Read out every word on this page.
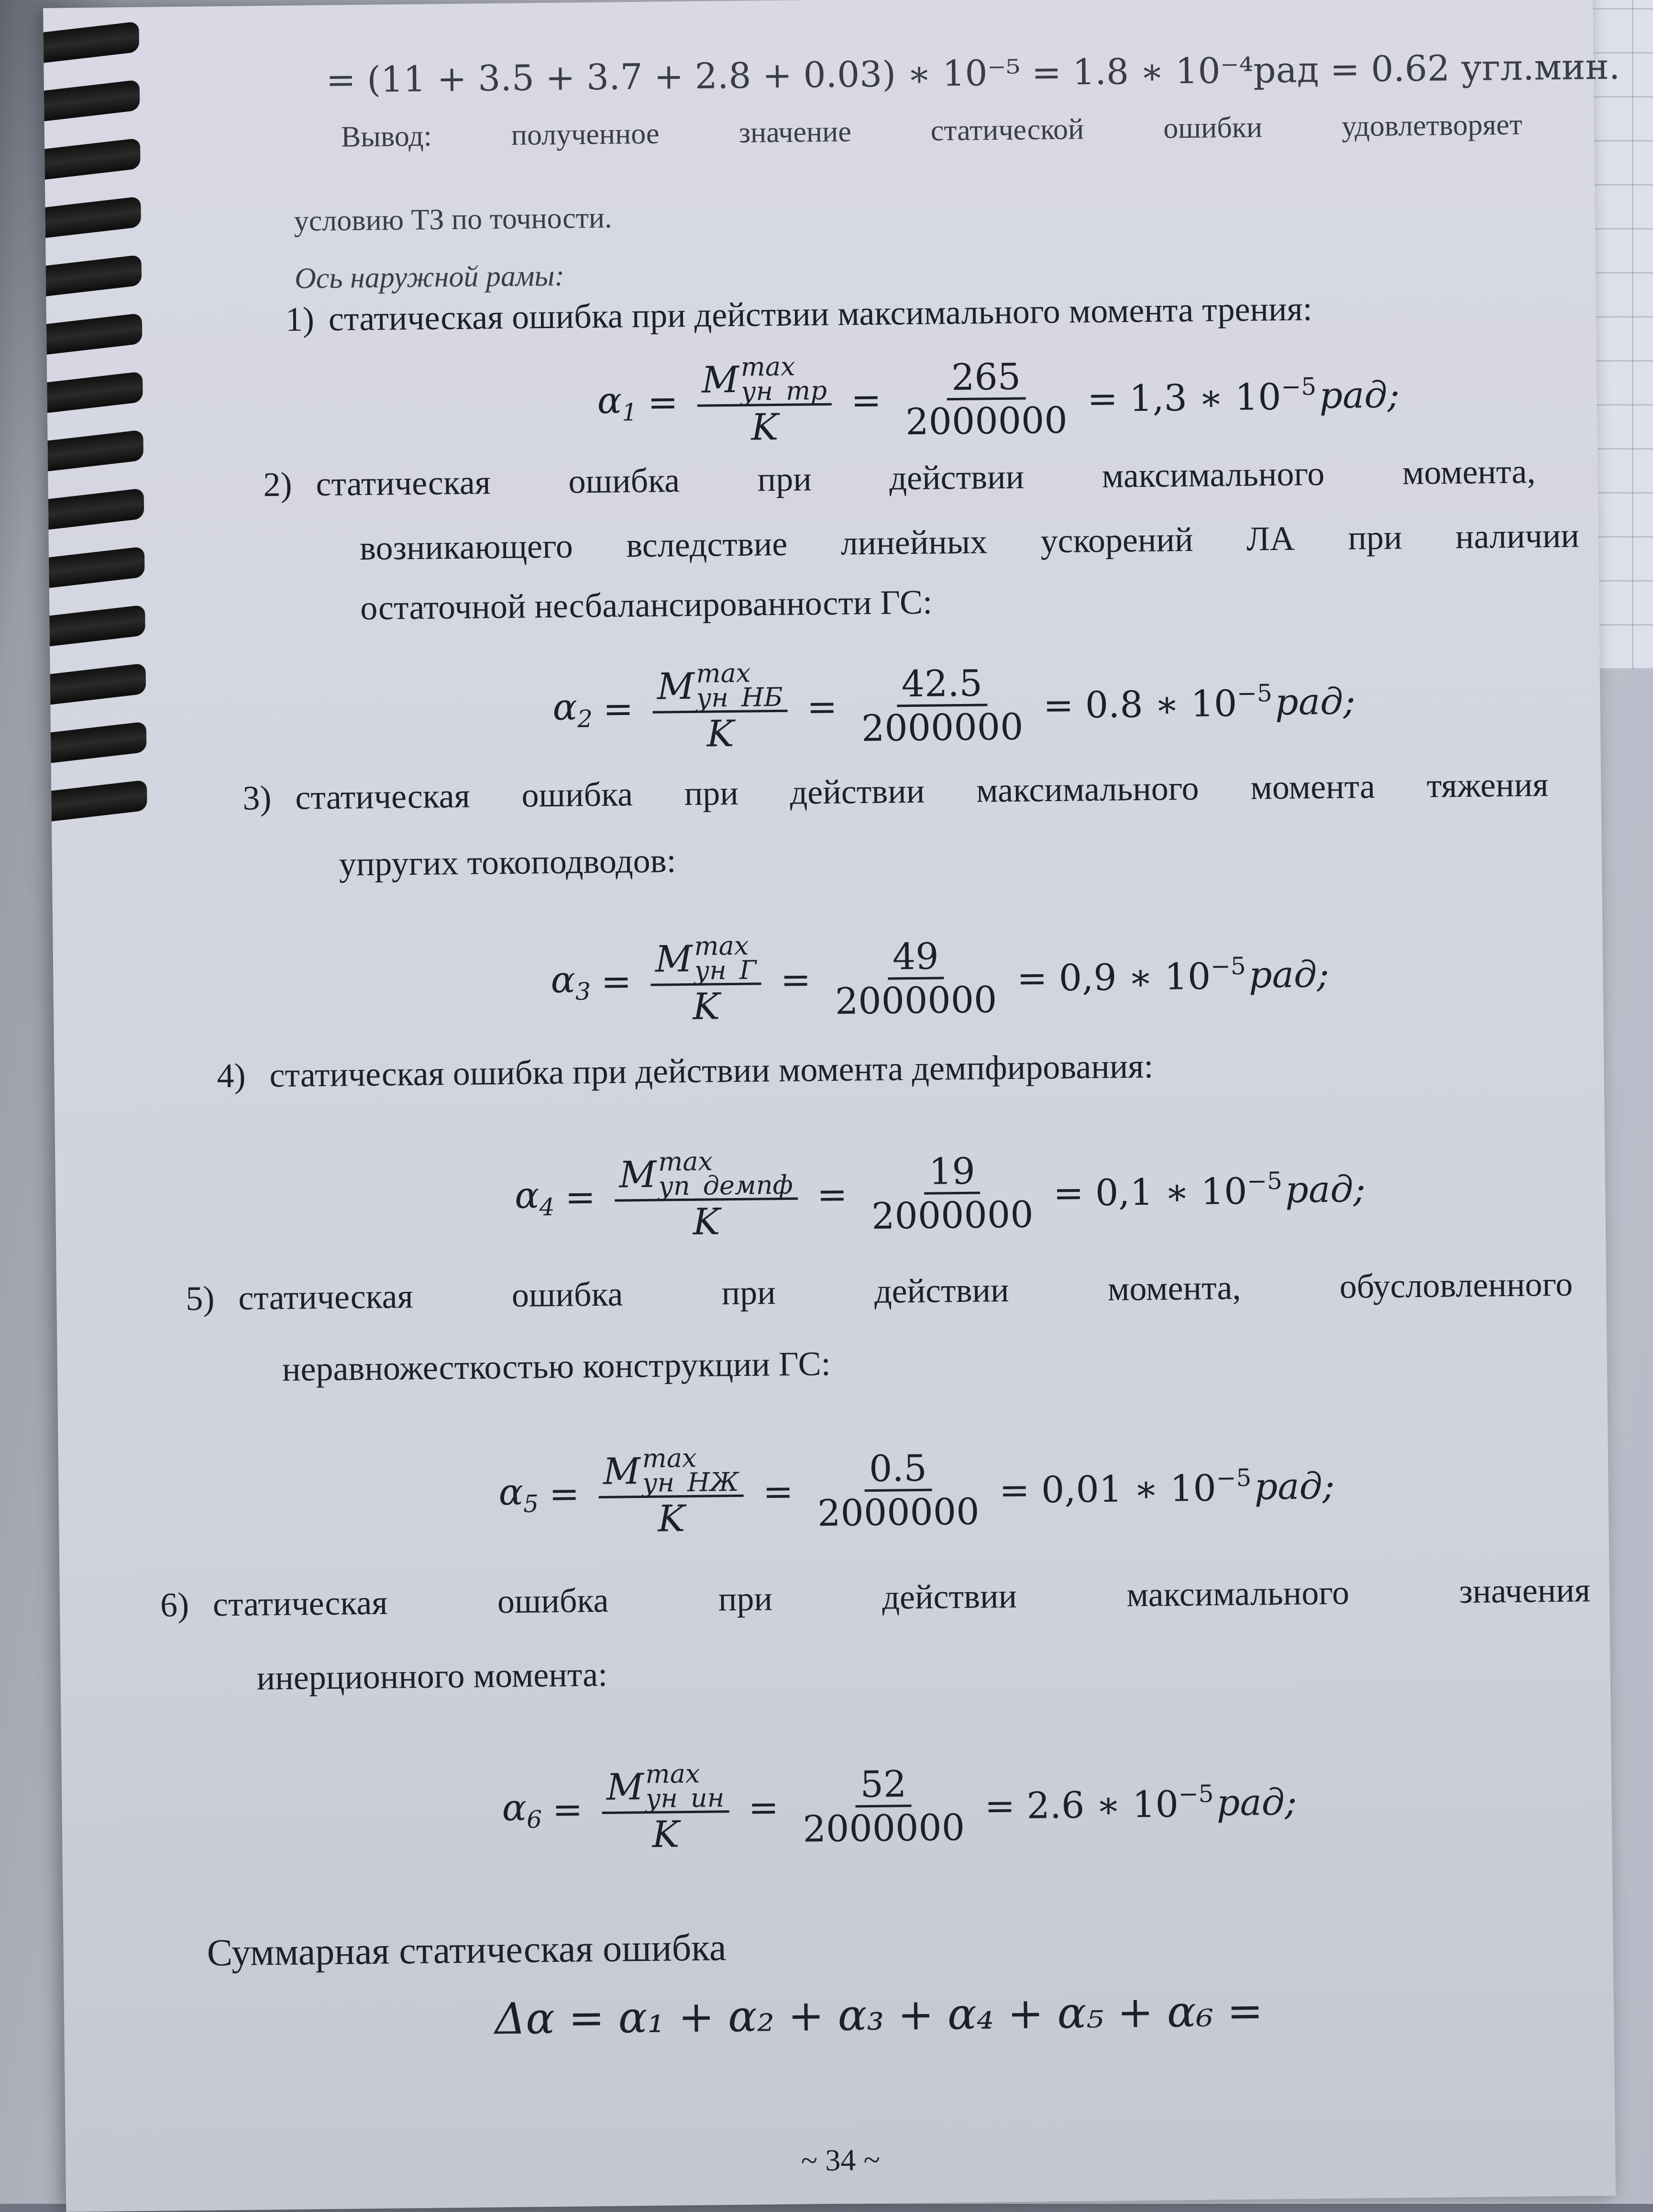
= (11 + 3.5 + 3.7 + 2.8 + 0.03) ∗ 10⁻⁵ = 1.8 ∗ 10⁻⁴рад = 0.62 угл.мин.
Вывод:	полученное	значение	статической	ошибки	удовлетворяет
условию ТЗ по точности.
Ось наружной рамы:
1) статическая ошибка при действии максимального момента трения:
$\alpha_1 = M$ max
ун_тр
$K = \frac{265}{2000000} = 1,3$ ∗ $10^{-5}$ рад;
2) статическая ошибка при действии максимального момента,
возникающего вследствие линейных ускорений ЛА при наличии
остаточной несбалансированности ГС:
$\alpha_2 = M$ max
ун_НБ
$K = \frac{42.5}{2000000} = 0.8$ ∗ $10^{-5}$ рад;
3) статическая ошибка при действии максимального момента тяжения
упругих токоподводов:
$\alpha_3 = M$ max
ун_Г
$K = \frac{49}{2000000} = 0,9$ ∗ $10^{-5}$ рад;
4) статическая ошибка при действии момента демпфирования:
$\alpha_4 = M$ max
уп_демпф
$K = \frac{19}{2000000} = 0,1$ ∗ $10^{-5}$ рад;
5) статическая	ошибка	при	действии	момента,	обусловленного
неравножесткостью конструкции ГС:
$\alpha_5 = M$ max
ун_НЖ
$K = \frac{0.5}{2000000} = 0,01$ ∗ $10^{-5}$ рад;
6) статическая	ошибка	при	действии	максимального	значения
инерционного момента:
$\alpha_6 = M$ max
ун_ин
$K = \frac{52}{2000000} = 2.6$ ∗ $10^{-5}$ рад;
Суммарная статическая ошибка
Δα = α₁ + α₂ + α₃ + α₄ + α₅ + α₆ =
~ 34 ~
